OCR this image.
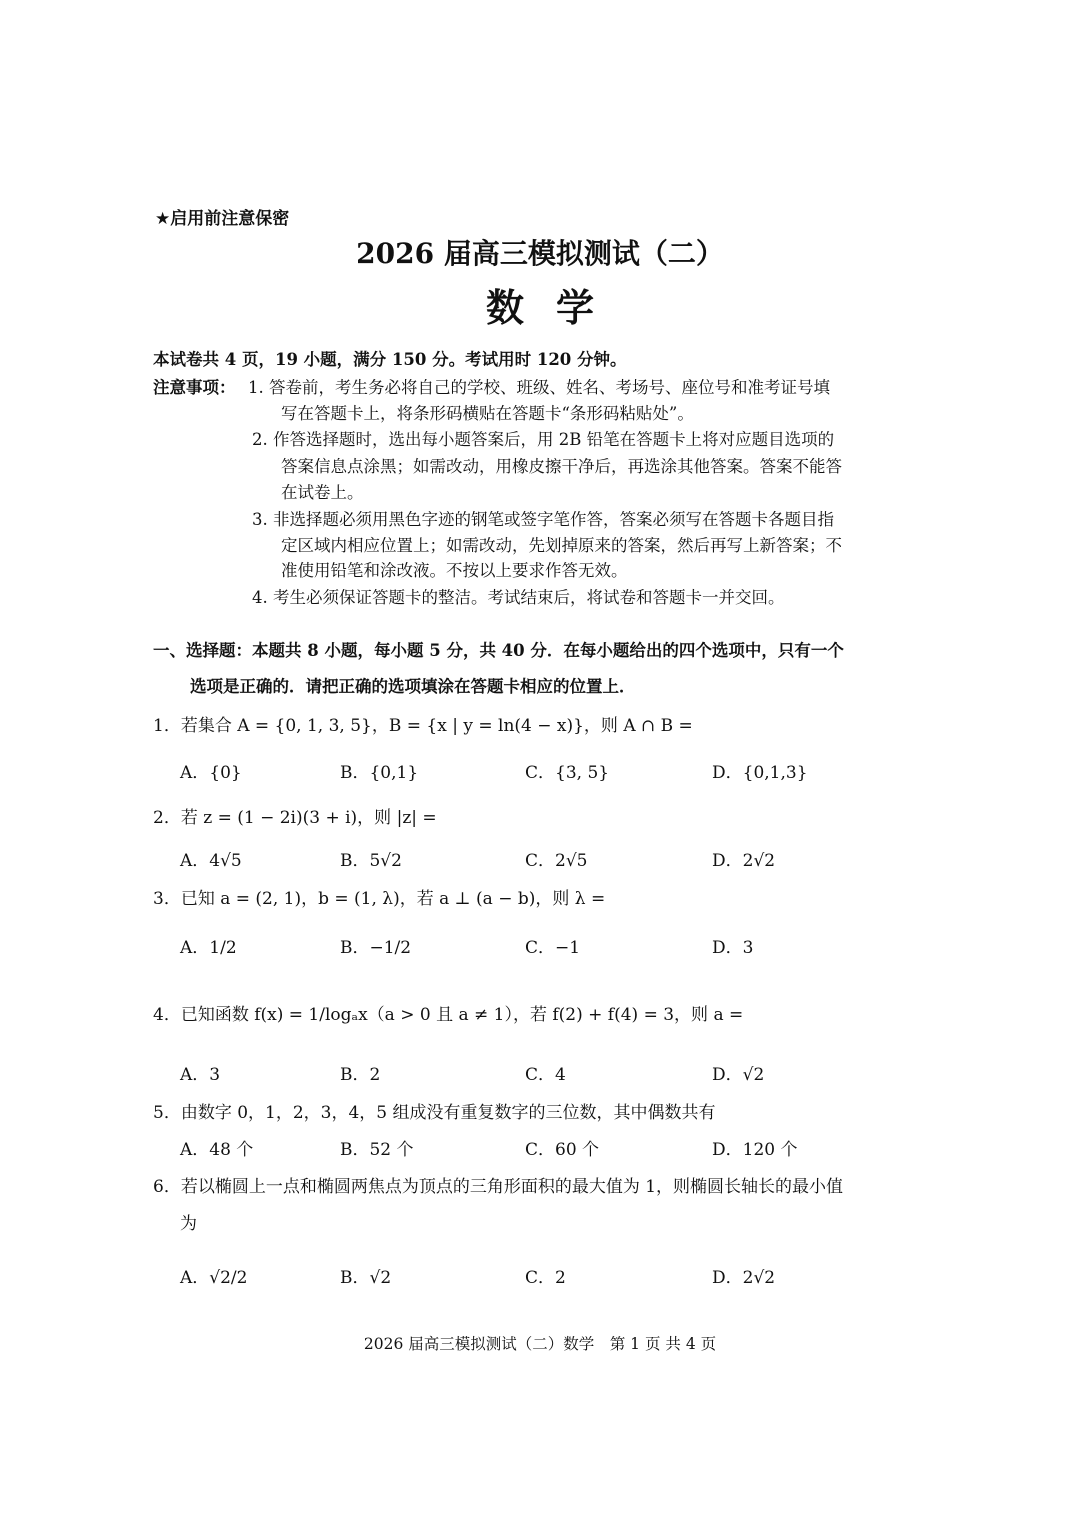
★启用前注意保密
2026 届高三模拟测试（二）
数学
本试卷共 4 页，19 小题，满分 150 分。考试用时 120 分钟。
注意事项： 1. 答卷前，考生务必将自己的学校、班级、姓名、考场号、座位号和准考证号填
写在答题卡上，将条形码横贴在答题卡“条形码粘贴处”。
2. 作答选择题时，选出每小题答案后，用 2B 铅笔在答题卡上将对应题目选项的
答案信息点涂黑；如需改动，用橡皮擦干净后，再选涂其他答案。答案不能答
在试卷上。
3. 非选择题必须用黑色字迹的钢笔或签字笔作答，答案必须写在答题卡各题目指
定区域内相应位置上；如需改动，先划掉原来的答案，然后再写上新答案；不
准使用铅笔和涂改液。不按以上要求作答无效。
4. 考生必须保证答题卡的整洁。考试结束后，将试卷和答题卡一并交回。
一、选择题：本题共 8 小题，每小题 5 分，共 40 分．在每小题给出的四个选项中，只有一个
选项是正确的．请把正确的选项填涂在答题卡相应的位置上．
1．若集合 A = {0, 1, 3, 5}，B = {x | y = ln(4 − x)}，则 A ∩ B =
A．{0}	B．{0,1}	C．{3, 5}	D．{0,1,3}
2．若 z = (1 − 2i)(3 + i)，则 |z| =
A．4√5	B．5√2	C．2√5	D．2√2
3．已知 a = (2, 1)，b = (1, λ)，若 a ⊥ (a − b)，则 λ =
A．1/2	B．−1/2	C．−1	D．3
4．已知函数 f(x) = 1/logₐx（a > 0 且 a ≠ 1），若 f(2) + f(4) = 3，则 a =
A．3	B．2	C．4	D．√2
5．由数字 0，1，2，3，4，5 组成没有重复数字的三位数，其中偶数共有
A．48 个	B．52 个	C．60 个	D．120 个
6．若以椭圆上一点和椭圆两焦点为顶点的三角形面积的最大值为 1，则椭圆长轴长的最小值
为
A．√2/2	B．√2	C．2	D．2√2
2026 届高三模拟测试（二）数学　第 1 页 共 4 页
